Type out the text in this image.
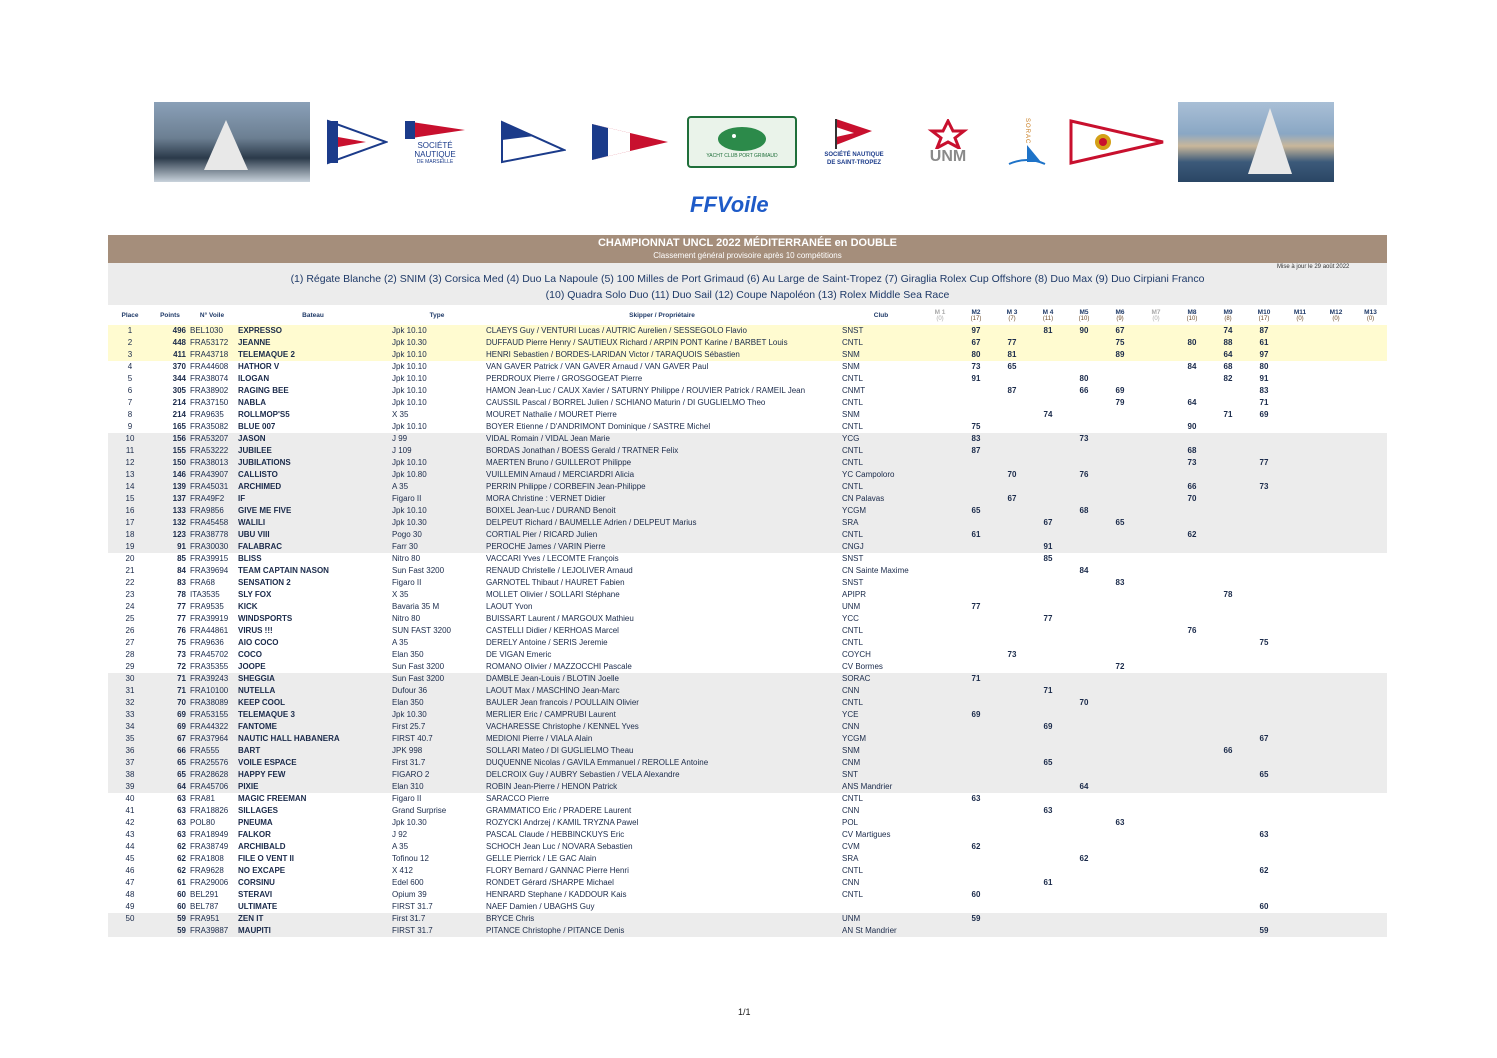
SOCIÉTÉ
NAUTIQUE
DE MARSEILLE
YACHT CLUB PORT GRIMAUD	SOCIÉTÉ NAUTIQUE
DE SAINT-TROPEZ	UNM
SORAC
FFVoile
CHAMPIONNAT UNCL 2022 MÉDITERRANÉE en DOUBLE
Classement général provisoire après 10 compétitions
Mise à jour le 29 août 2022
(1) Régate Blanche (2) SNIM (3) Corsica Med (4) Duo La Napoule (5) 100 Milles de Port Grimaud (6) Au Large de Saint-Tropez (7) Giraglia Rolex Cup Offshore (8) Duo Max (9) Duo Cirpiani Franco
(10) Quadra Solo Duo (11) Duo Sail (12) Coupe Napoléon (13) Rolex Middle Sea Race
Place	Points	N° Voile	Bateau	Type	Skipper / Propriétaire	Club	M 1
(0)	M2
(17)	M 3
(7)	M 4
(11)	M5
(10)	M6
(9)	M7
(0)	M8
(10)	M9
(8)	M10
(17)	M11
(0)	M12
(0)	M13
(0)

1	496	BEL1030	EXPRESSO	Jpk 10.10	CLAEYS Guy / VENTURI Lucas / AUTRIC Aurelien / SESSEGOLO Flavio	SNST		97		81	90	67			74	87			
2	448	FRA53172	JEANNE	Jpk 10.30	DUFFAUD Pierre Henry / SAUTIEUX Richard / ARPIN PONT Karine / BARBET Louis	CNTL		67	77			75		80	88	61			
3	411	FRA43718	TELEMAQUE 2	Jpk 10.10	HENRI Sebastien / BORDES-LARIDAN Victor / TARAQUOIS Sébastien	SNM		80	81			89			64	97			
4	370	FRA44608	HATHOR V	Jpk 10.10	VAN GAVER Patrick / VAN GAVER Arnaud / VAN GAVER Paul	SNM		73	65					84	68	80			
5	344	FRA38074	ILOGAN	Jpk 10.10	PERDROUX Pierre / GROSGOGEAT Pierre	CNTL		91			80				82	91			
6	305	FRA38902	RAGING BEE	Jpk 10.10	HAMON Jean-Luc / CAUX Xavier / SATURNY Philippe / ROUVIER Patrick / RAMEIL Jean	CNMT			87		66	69				83			
7	214	FRA37150	NABLA	Jpk 10.10	CAUSSIL Pascal / BORREL Julien / SCHIANO Maturin / DI GUGLIELMO Theo	CNTL						79		64		71			
8	214	FRA9635	ROLLMOP'S5	X 35	MOURET Nathalie / MOURET Pierre	SNM				74					71	69			
9	165	FRA35082	BLUE 007	Jpk 10.10	BOYER Etienne / D'ANDRIMONT Dominique / SASTRE Michel	CNTL		75						90					
10	156	FRA53207	JASON	J 99	VIDAL Romain / VIDAL Jean Marie	YCG		83			73								
11	155	FRA53222	JUBILEE	J 109	BORDAS Jonathan / BOESS Gerald / TRATNER Felix	CNTL		87						68					
12	150	FRA38013	JUBILATIONS	Jpk 10.10	MAERTEN Bruno / GUILLEROT Philippe	CNTL								73		77			
13	146	FRA43907	CALLISTO	Jpk 10.80	VUILLEMIN Arnaud / MERCIARDRI Alicia	YC Campoloro			70		76								
14	139	FRA45031	ARCHIMED	A 35	PERRIN Philippe / CORBEFIN Jean-Philippe	CNTL								66		73			
15	137	FRA49F2	IF	Figaro II	MORA Christine : VERNET Didier	CN Palavas			67					70					
16	133	FRA9856	GIVE ME FIVE	Jpk 10.10	BOIXEL Jean-Luc / DURAND Benoit	YCGM		65			68								
17	132	FRA45458	WALILI	Jpk 10.30	DELPEUT Richard / BAUMELLE Adrien / DELPEUT Marius	SRA				67		65							
18	123	FRA38778	UBU VIII	Pogo 30	CORTIAL Pier / RICARD Julien	CNTL		61						62					
19	91	FRA30030	FALABRAC	Farr 30	PEROCHE James / VARIN Pierre	CNGJ				91									
20	85	FRA39915	BLISS	Nitro 80	VACCARI Yves / LECOMTE François	SNST				85									
21	84	FRA39694	TEAM CAPTAIN NASON	Sun Fast 3200	RENAUD Christelle / LEJOLIVER Arnaud	CN Sainte Maxime					84								
22	83	FRA68	SENSATION 2	Figaro II	GARNOTEL Thibaut / HAURET Fabien	SNST						83							
23	78	ITA3535	SLY FOX	X 35	MOLLET Olivier / SOLLARI Stéphane	APIPR									78				
24	77	FRA9535	KICK	Bavaria 35 M	LAOUT Yvon	UNM		77											
25	77	FRA39919	WINDSPORTS	Nitro 80	BUISSART Laurent / MARGOUX Mathieu	YCC				77									
26	76	FRA44861	VIRUS !!!	SUN FAST 3200	CASTELLI Didier / KERHOAS Marcel	CNTL								76					
27	75	FRA9636	AIO COCO	A 35	DERELY Antoine / SERIS Jeremie	CNTL										75			
28	73	FRA45702	COCO	Elan 350	DE VIGAN Emeric	COYCH			73										
29	72	FRA35355	JOOPE	Sun Fast 3200	ROMANO Olivier / MAZZOCCHI Pascale	CV Bormes						72							
30	71	FRA39243	SHEGGIA	Sun Fast 3200	DAMBLE Jean-Louis / BLOTIN Joelle	SORAC		71											
31	71	FRA10100	NUTELLA	Dufour 36	LAOUT Max / MASCHINO Jean-Marc	CNN				71									
32	70	FRA38089	KEEP COOL	Elan 350	BAULER Jean francois / POULLAIN Olivier	CNTL					70								
33	69	FRA53155	TELEMAQUE 3	Jpk 10.30	MERLIER Eric / CAMPRUBI Laurent	YCE		69											
34	69	FRA44322	FANTOME	First 25.7	VACHARESSE Christophe / KENNEL Yves	CNN				69									
35	67	FRA37964	NAUTIC HALL HABANERA	FIRST 40.7	MEDIONI Pierre / VIALA Alain	YCGM										67			
36	66	FRA555	BART	JPK 998	SOLLARI Mateo / DI GUGLIELMO Theau	SNM									66				
37	65	FRA25576	VOILE ESPACE	First 31.7	DUQUENNE Nicolas / GAVILA Emmanuel / REROLLE Antoine	CNM				65									
38	65	FRA28628	HAPPY FEW	FIGARO 2	DELCROIX Guy / AUBRY Sebastien / VELA Alexandre	SNT										65			
39	64	FRA45706	PIXIE	Elan 310	ROBIN Jean-Pierre / HENON Patrick	ANS Mandrier					64								
40	63	FRA81	MAGIC FREEMAN	Figaro II	SARACCO Pierre	CNTL		63											
41	63	FRA18826	SILLAGES	Grand Surprise	GRAMMATICO Eric / PRADERE Laurent	CNN				63									
42	63	POL80	PNEUMA	Jpk 10.30	ROZYCKI Andrzej / KAMIL TRYZNA Pawel	POL						63							
43	63	FRA18949	FALKOR	J 92	PASCAL Claude / HEBBINCKUYS Eric	CV Martigues										63			
44	62	FRA38749	ARCHIBALD	A 35	SCHOCH Jean Luc / NOVARA Sebastien	CVM		62											
45	62	FRA1808	FILE O VENT II	Tofinou 12	GELLE Pierrick / LE GAC Alain	SRA					62								
46	62	FRA9628	NO EXCAPE	X 412	FLORY Bernard / GANNAC Pierre Henri	CNTL										62			
47	61	FRA29006	CORSINU	Edel 600	RONDET Gérard /SHARPE Michael	CNN				61									
48	60	BEL291	STERAVI	Opium 39	HENRARD Stephane / KADDOUR Kais	CNTL		60											
49	60	BEL787	ULTIMATE	FIRST 31.7	NAEF Damien / UBAGHS Guy											60			
50	59	FRA951	ZEN IT	First 31.7	BRYCE Chris	UNM		59											
	59	FRA39887	MAUPITI	FIRST 31.7	PITANCE Christophe / PITANCE Denis	AN St Mandrier										59			
1/1
